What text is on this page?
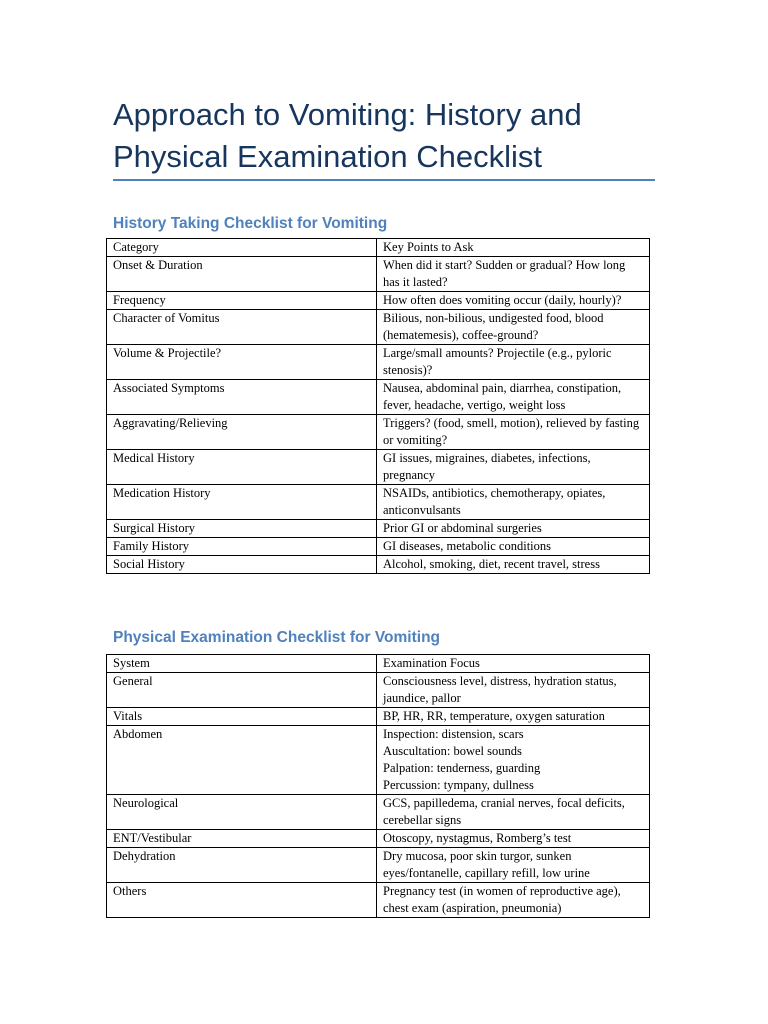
Approach to Vomiting: History and Physical Examination Checklist
History Taking Checklist for Vomiting
Category	Key Points to Ask
Onset & Duration	When did it start? Sudden or gradual? How long has it lasted?
Frequency	How often does vomiting occur (daily, hourly)?
Character of Vomitus	Bilious, non-bilious, undigested food, blood (hematemesis), coffee-ground?
Volume & Projectile?	Large/small amounts? Projectile (e.g., pyloric stenosis)?
Associated Symptoms	Nausea, abdominal pain, diarrhea, constipation, fever, headache, vertigo, weight loss
Aggravating/Relieving	Triggers? (food, smell, motion), relieved by fasting or vomiting?
Medical History	GI issues, migraines, diabetes, infections, pregnancy
Medication History	NSAIDs, antibiotics, chemotherapy, opiates, anticonvulsants
Surgical History	Prior GI or abdominal surgeries
Family History	GI diseases, metabolic conditions
Social History	Alcohol, smoking, diet, recent travel, stress
Physical Examination Checklist for Vomiting
System	Examination Focus
General	Consciousness level, distress, hydration status, jaundice, pallor
Vitals	BP, HR, RR, temperature, oxygen saturation
Abdomen	Inspection: distension, scars
Auscultation: bowel sounds
Palpation: tenderness, guarding
Percussion: tympany, dullness

Neurological	GCS, papilledema, cranial nerves, focal deficits, cerebellar signs
ENT/Vestibular	Otoscopy, nystagmus, Romberg’s test
Dehydration	Dry mucosa, poor skin turgor, sunken eyes/fontanelle, capillary refill, low urine
Others	Pregnancy test (in women of reproductive age), chest exam (aspiration, pneumonia)
